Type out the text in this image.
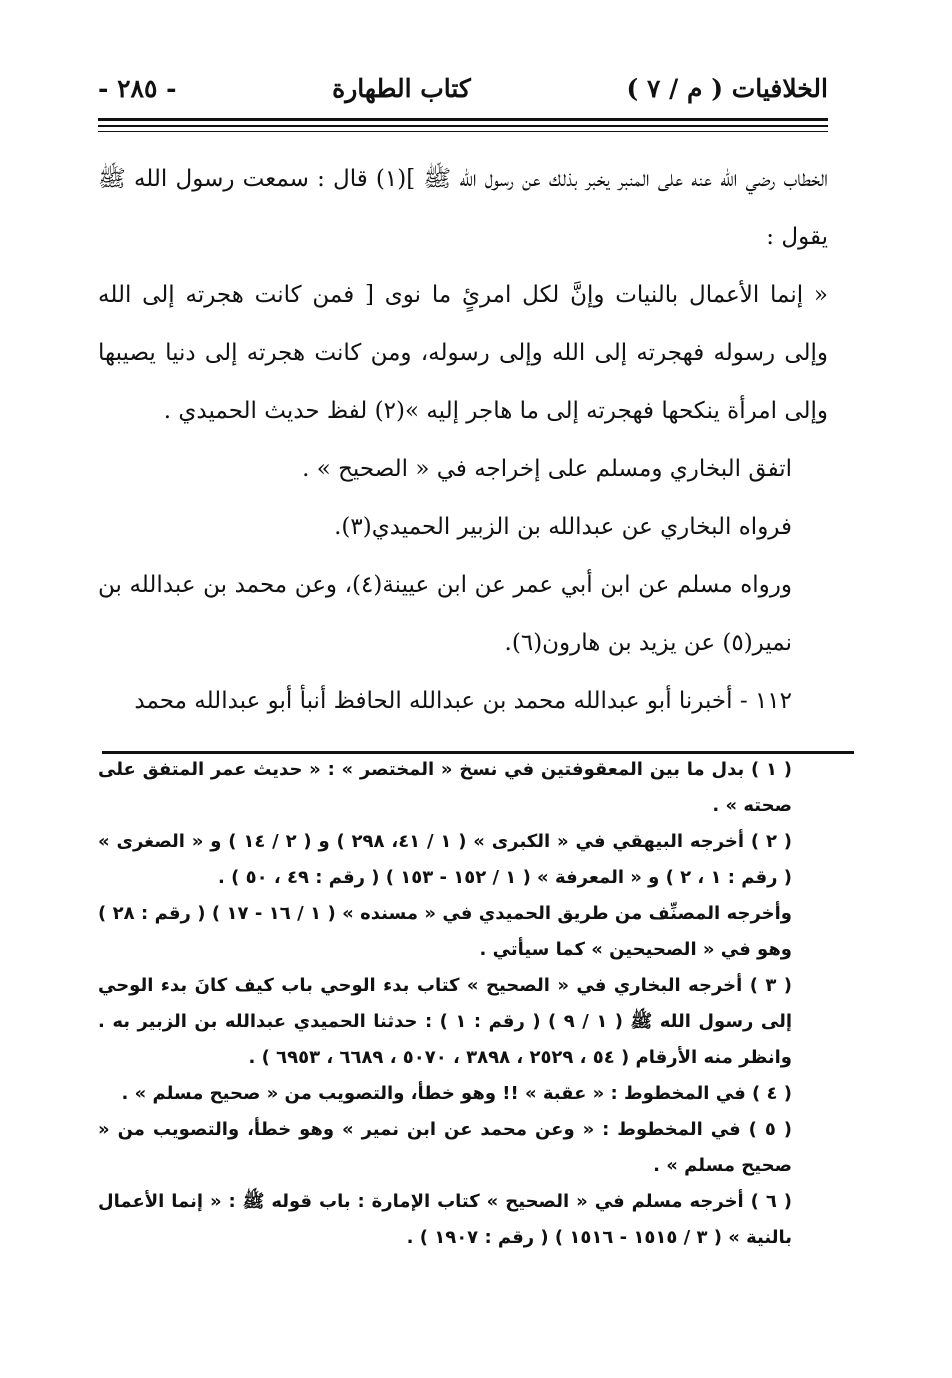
الخلافيات ( م / ٧ )
كتاب الطهارة
- ٢٨٥ -

الخطاب رضي الله عنه على المنبر يخبر بذلك عن رسول الله ﷺ ](١) قال : سمعت رسول الله ﷺ يقول :

« إنما الأعمال بالنيات وإنَّ لكل امرئٍ ما نوى [ فمن كانت هجرته إلى الله وإلى رسوله فهجرته إلى الله وإلى رسوله، ومن كانت هجرته إلى دنيا يصيبها وإلى امرأة ينكحها فهجرته إلى ما هاجر إليه »(٢) لفظ حديث الحميدي .

اتفق البخاري ومسلم على إخراجه في « الصحيح » .

فرواه البخاري عن عبدالله بن الزبير الحميدي(٣).

ورواه مسلم عن ابن أبي عمر عن ابن عيينة(٤)، وعن محمد بن عبدالله بن نمير(٥) عن يزيد بن هارون(٦).

١١٢ - أخبرنا أبو عبدالله محمد بن عبدالله الحافظ أنبأ أبو عبدالله محمد

( ١ ) بدل ما بين المعقوفتين في نسخ « المختصر » : « حديث عمر المتفق على صحته » .

( ٢ ) أخرجه البيهقي في « الكبرى » ( ١ / ٤١، ٢٩٨ ) و ( ٢ / ١٤ ) و « الصغرى » ( رقم : ١ ، ٢ ) و « المعرفة » ( ١ / ١٥٢ - ١٥٣ ) ( رقم : ٤٩ ، ٥٠ ) .

وأخرجه المصنِّف من طريق الحميدي في « مسنده » ( ١ / ١٦ - ١٧ ) ( رقم : ٢٨ ) وهو في « الصحيحين » كما سيأتي .

( ٣ ) أخرجه البخاري في « الصحيح » كتاب بدء الوحي باب كيف كانَ بدء الوحي إلى رسول الله ﷺ ( ١ / ٩ ) ( رقم : ١ ) : حدثنا الحميدي عبدالله بن الزبير به . وانظر منه الأرقام ( ٥٤ ، ٢٥٢٩ ، ٣٨٩٨ ، ٥٠٧٠ ، ٦٦٨٩ ، ٦٩٥٣ ) .

( ٤ ) في المخطوط : « عقبة » !! وهو خطأ، والتصويب من « صحيح مسلم » .

( ٥ ) في المخطوط : « وعن محمد عن ابن نمير » وهو خطأ، والتصويب من « صحيح مسلم » .

( ٦ ) أخرجه مسلم في « الصحيح » كتاب الإمارة : باب قوله ﷺ : « إنما الأعمال بالنية » ( ٣ / ١٥١٥ - ١٥١٦ ) ( رقم : ١٩٠٧ ) .
